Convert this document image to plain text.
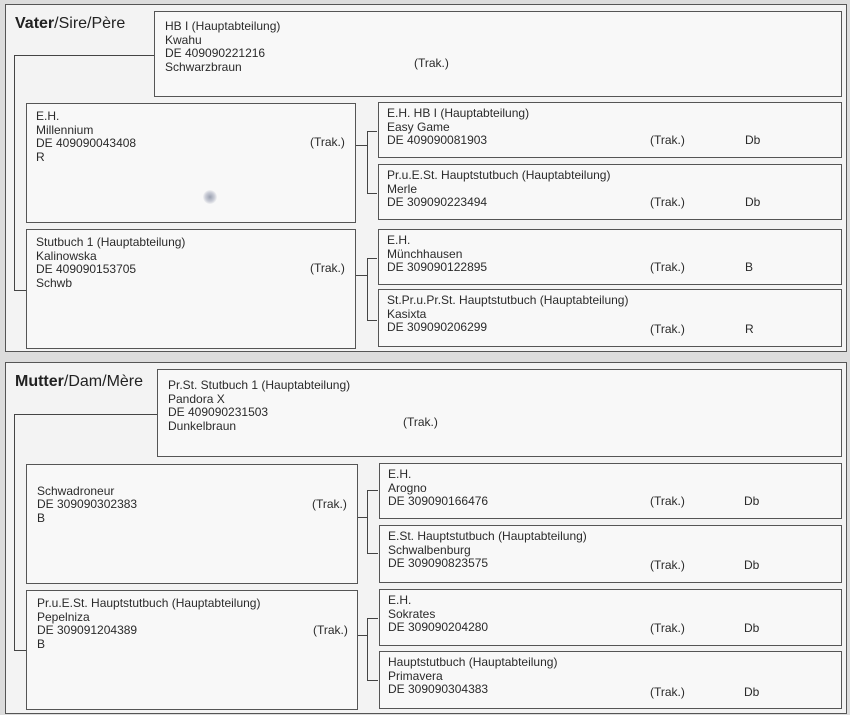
Vater/Sire/Père	HB I (Hauptabteilung)
Kwahu
DE 409090221216
Schwarzbraun	(Trak.)
E.H.
Millennium
DE 409090043408
R
(Trak.)
Stutbuch 1 (Hauptabteilung)
Kalinowska
DE 409090153705
Schwb
(Trak.)
E.H. HB I (Hauptabteilung)
Easy Game
DE 409090081903	(Trak.)	Db
Pr.u.E.St. Hauptstutbuch (Hauptabteilung)
Merle
DE 309090223494	(Trak.)	Db
E.H.
Münchhausen
DE 309090122895	(Trak.)	B
St.Pr.u.Pr.St. Hauptstutbuch (Hauptabteilung)
Kasixta
DE 309090206299	(Trak.)	R
Mutter/Dam/Mère Pr.St. Stutbuch 1 (Hauptabteilung)
Pandora X
DE 409090231503
Dunkelbraun	(Trak.)

Schwadroneur
DE 309090302383
B
(Trak.)
Pr.u.E.St. Hauptstutbuch (Hauptabteilung)
Pepelniza
DE 309091204389
B
(Trak.)
E.H.
Arogno
DE 309090166476	(Trak.)	Db
E.St. Hauptstutbuch (Hauptabteilung)
Schwalbenburg
DE 309090823575	(Trak.)	Db
E.H.
Sokrates
DE 309090204280	(Trak.)	Db
Hauptstutbuch (Hauptabteilung)
Primavera
DE 309090304383	(Trak.)	Db
